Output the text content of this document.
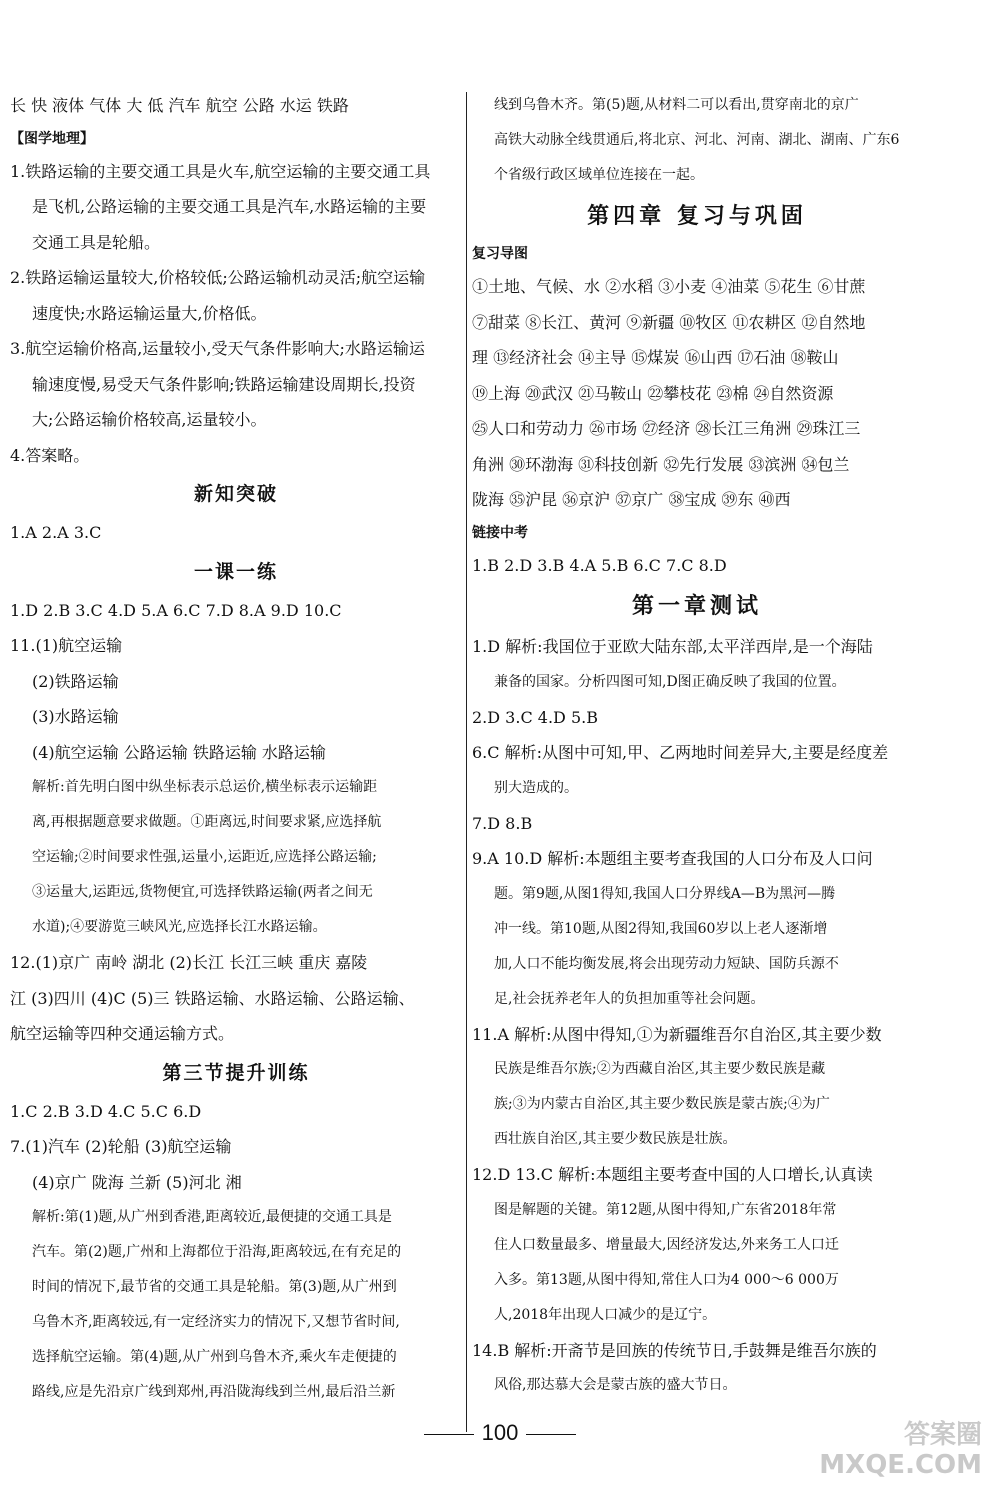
长 快 液体 气体 大 低 汽车 航空 公路 水运 铁路
【图学地理】
1.铁路运输的主要交通工具是火车,航空运输的主要交通工具
是飞机,公路运输的主要交通工具是汽车,水路运输的主要
交通工具是轮船。
2.铁路运输运量较大,价格较低;公路运输机动灵活;航空运输
速度快;水路运输运量大,价格低。
3.航空运输价格高,运量较小,受天气条件影响大;水路运输运
输速度慢,易受天气条件影响;铁路运输建设周期长,投资
大;公路运输价格较高,运量较小。
4.答案略。
新知突破
1.A 2.A 3.C
一课一练
1.D 2.B 3.C 4.D 5.A 6.C 7.D 8.A 9.D 10.C
11.(1)航空运输
(2)铁路运输
(3)水路运输
(4)航空运输 公路运输 铁路运输 水路运输
解析:首先明白图中纵坐标表示总运价,横坐标表示运输距
离,再根据题意要求做题。①距离远,时间要求紧,应选择航
空运输;②时间要求性强,运量小,运距近,应选择公路运输;
③运量大,运距远,货物便宜,可选择铁路运输(两者之间无
水道);④要游览三峡风光,应选择长江水路运输。
12.(1)京广 南岭 湖北 (2)长江 长江三峡 重庆 嘉陵
江 (3)四川 (4)C (5)三 铁路运输、水路运输、公路运输、
航空运输等四种交通运输方式。
第三节提升训练
1.C 2.B 3.D 4.C 5.C 6.D
7.(1)汽车 (2)轮船 (3)航空运输
(4)京广 陇海 兰新 (5)河北 湘
解析:第(1)题,从广州到香港,距离较近,最便捷的交通工具是
汽车。第(2)题,广州和上海都位于沿海,距离较远,在有充足的
时间的情况下,最节省的交通工具是轮船。第(3)题,从广州到
乌鲁木齐,距离较远,有一定经济实力的情况下,又想节省时间,
选择航空运输。第(4)题,从广州到乌鲁木齐,乘火车走便捷的
路线,应是先沿京广线到郑州,再沿陇海线到兰州,最后沿兰新
线到乌鲁木齐。第(5)题,从材料二可以看出,贯穿南北的京广
高铁大动脉全线贯通后,将北京、河北、河南、湖北、湖南、广东6
个省级行政区域单位连接在一起。
第四章 复习与巩固
复习导图
①土地、气候、水 ②水稻 ③小麦 ④油菜 ⑤花生 ⑥甘蔗
⑦甜菜 ⑧长江、黄河 ⑨新疆 ⑩牧区 ⑪农耕区 ⑫自然地
理 ⑬经济社会 ⑭主导 ⑮煤炭 ⑯山西 ⑰石油 ⑱鞍山
⑲上海 ⑳武汉 ㉑马鞍山 ㉒攀枝花 ㉓棉 ㉔自然资源
㉕人口和劳动力 ㉖市场 ㉗经济 ㉘长江三角洲 ㉙珠江三
角洲 ㉚环渤海 ㉛科技创新 ㉜先行发展 ㉝滨洲 ㉞包兰
陇海 ㉟沪昆 ㊱京沪 ㊲京广 ㊳宝成 ㊴东 ㊵西
链接中考
1.B 2.D 3.B 4.A 5.B 6.C 7.C 8.D
第一章测试
1.D 解析:我国位于亚欧大陆东部,太平洋西岸,是一个海陆
兼备的国家。分析四图可知,D图正确反映了我国的位置。
2.D 3.C 4.D 5.B
6.C 解析:从图中可知,甲、乙两地时间差异大,主要是经度差
别大造成的。
7.D 8.B
9.A 10.D 解析:本题组主要考查我国的人口分布及人口问
题。第9题,从图1得知,我国人口分界线A—B为黑河—腾
冲一线。第10题,从图2得知,我国60岁以上老人逐渐增
加,人口不能均衡发展,将会出现劳动力短缺、国防兵源不
足,社会抚养老年人的负担加重等社会问题。
11.A 解析:从图中得知,①为新疆维吾尔自治区,其主要少数
民族是维吾尔族;②为西藏自治区,其主要少数民族是藏
族;③为内蒙古自治区,其主要少数民族是蒙古族;④为广
西壮族自治区,其主要少数民族是壮族。
12.D 13.C 解析:本题组主要考查中国的人口增长,认真读
图是解题的关键。第12题,从图中得知,广东省2018年常
住人口数量最多、增量最大,因经济发达,外来务工人口迁
入多。第13题,从图中得知,常住人口为4 000～6 000万
人,2018年出现人口减少的是辽宁。
14.B 解析:开斋节是回族的传统节日,手鼓舞是维吾尔族的
风俗,那达慕大会是蒙古族的盛大节日。
100	答案圈
MXQE.COM
